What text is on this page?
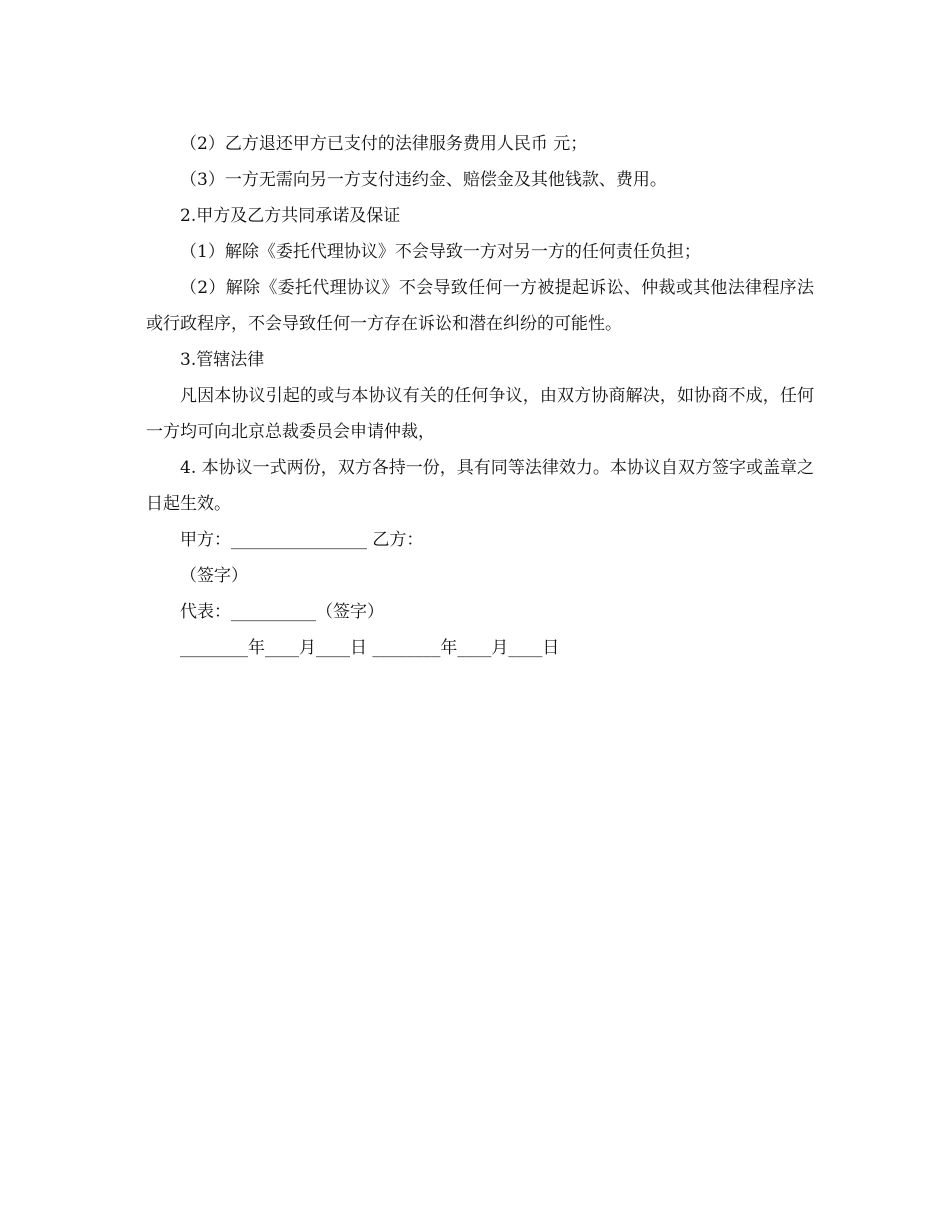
（2）乙方退还甲方已支付的法律服务费用人民币 元；
（3）一方无需向另一方支付违约金、赔偿金及其他钱款、费用。
2.甲方及乙方共同承诺及保证
（1）解除《委托代理协议》不会导致一方对另一方的任何责任负担；
（2）解除《委托代理协议》不会导致任何一方被提起诉讼、仲裁或其他法律程序法或行政程序，不会导致任何一方存在诉讼和潜在纠纷的可能性。
3.管辖法律
凡因本协议引起的或与本协议有关的任何争议，由双方协商解决，如协商不成，任何一方均可向北京总裁委员会申请仲裁，
4. 本协议一式两份，双方各持一份，具有同等法律效力。本协议自双方签字或盖章之日起生效。
甲方：________________ 乙方：
（签字）
代表：__________（签字）
________年____月____日 ________年____月____日
